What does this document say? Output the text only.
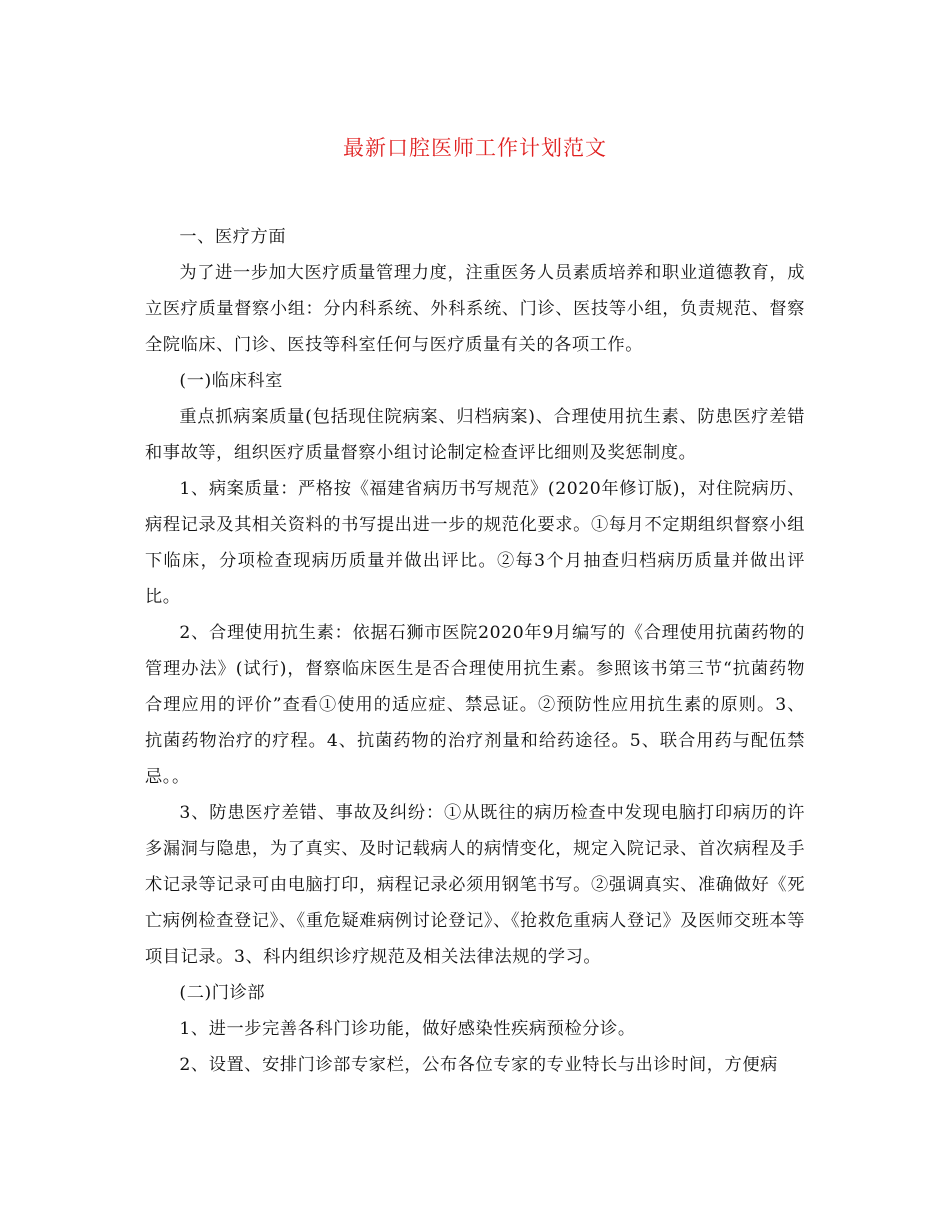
最新口腔医师工作计划范文

一、医疗方面

为了进一步加大医疗质量管理力度，注重医务人员素质培养和职业道德教育，成立医疗质量督察小组：分内科系统、外科系统、门诊、医技等小组，负责规范、督察全院临床、门诊、医技等科室任何与医疗质量有关的各项工作。

(一)临床科室

重点抓病案质量(包括现住院病案、归档病案)、合理使用抗生素、防患医疗差错和事故等，组织医疗质量督察小组讨论制定检查评比细则及奖惩制度。

1、病案质量：严格按《福建省病历书写规范》(2020年修订版)，对住院病历、病程记录及其相关资料的书写提出进一步的规范化要求。①每月不定期组织督察小组下临床，分项检查现病历质量并做出评比。②每3个月抽查归档病历质量并做出评比。

2、合理使用抗生素：依据石狮市医院2020年9月编写的《合理使用抗菌药物的管理办法》(试行)，督察临床医生是否合理使用抗生素。参照该书第三节“抗菌药物合理应用的评价”查看①使用的适应症、禁忌证。②预防性应用抗生素的原则。3、抗菌药物治疗的疗程。4、抗菌药物的治疗剂量和给药途径。5、联合用药与配伍禁忌。。

3、防患医疗差错、事故及纠纷：①从既往的病历检查中发现电脑打印病历的许多漏洞与隐患，为了真实、及时记载病人的病情变化，规定入院记录、首次病程及手术记录等记录可由电脑打印，病程记录必须用钢笔书写。②强调真实、准确做好《死亡病例检查登记》、《重危疑难病例讨论登记》、《抢救危重病人登记》及医师交班本等项目记录。3、科内组织诊疗规范及相关法律法规的学习。

(二)门诊部

1、进一步完善各科门诊功能，做好感染性疾病预检分诊。

2、设置、安排门诊部专家栏，公布各位专家的专业特长与出诊时间，方便病
